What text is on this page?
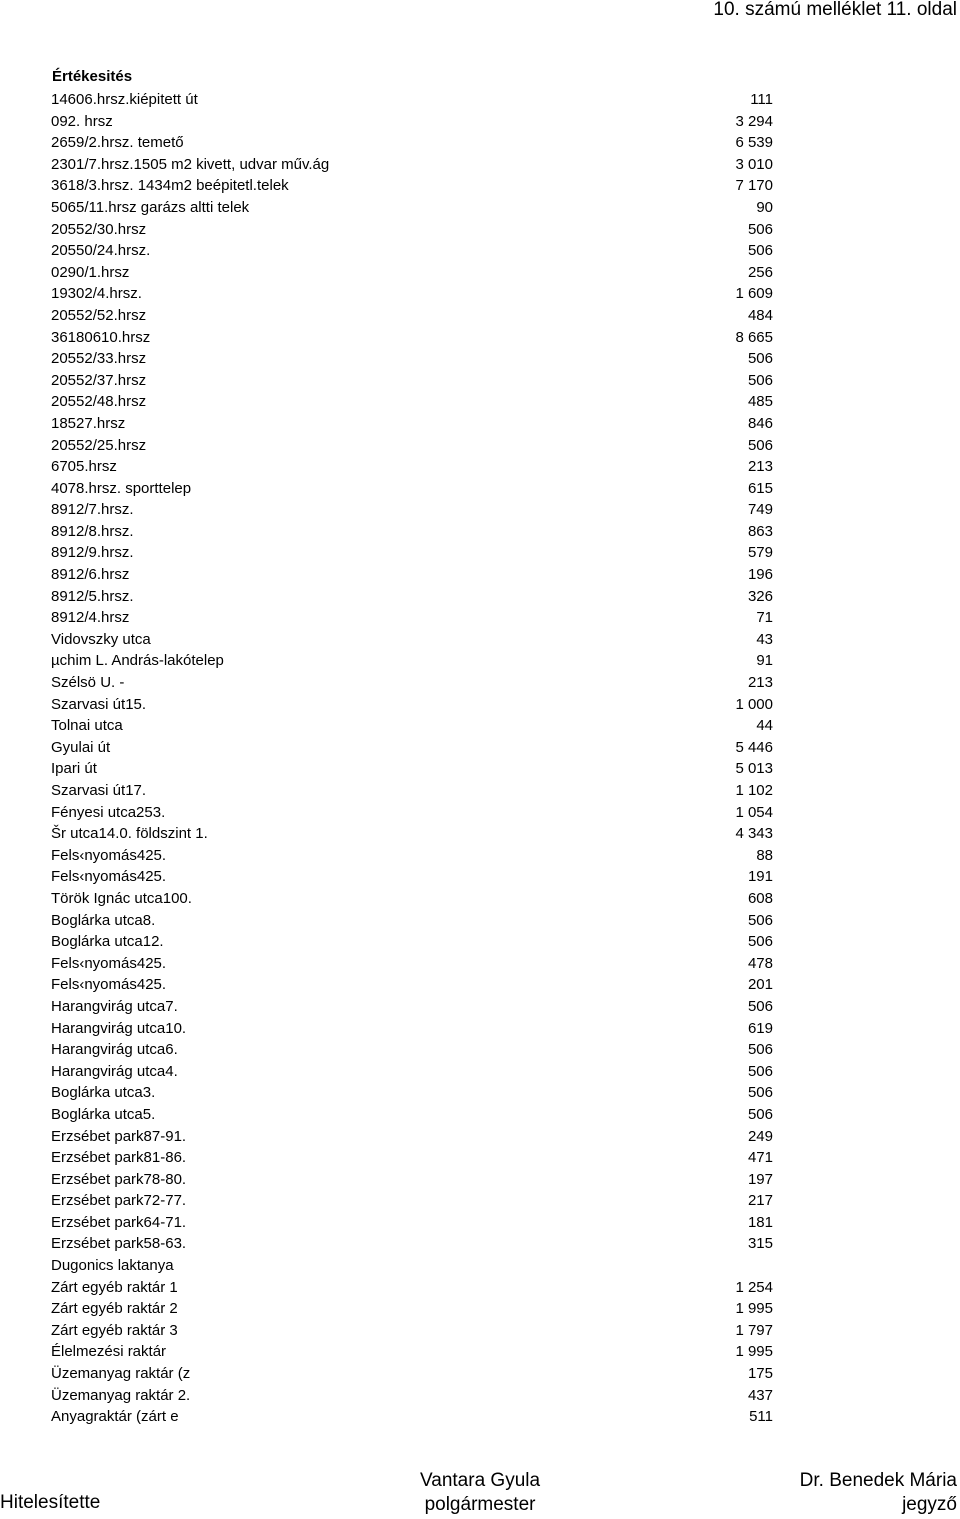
10. számú melléklet 11. oldal
Értékesités
14606.hrsz.kiépitett út	111
092. hrsz	3 294
2659/2.hrsz. temető	6 539
2301/7.hrsz.1505 m2 kivett, udvar műv.ág	3 010
3618/3.hrsz. 1434m2 beépitetl.telek	7 170
5065/11.hrsz garázs altti telek	90
20552/30.hrsz	506
20550/24.hrsz.	506
0290/1.hrsz	256
19302/4.hrsz.	1 609
20552/52.hrsz	484
36180610.hrsz	8 665
20552/33.hrsz	506
20552/37.hrsz	506
20552/48.hrsz	485
18527.hrsz	846
20552/25.hrsz	506
6705.hrsz	213
4078.hrsz. sporttelep	615
8912/7.hrsz.	749
8912/8.hrsz.	863
8912/9.hrsz.	579
8912/6.hrsz	196
8912/5.hrsz.	326
8912/4.hrsz	71
Vidovszky utca	43
µchim L. András-lakótelep	91
Szélsö U. -	213
Szarvasi út15.	1 000
Tolnai utca	44
Gyulai út	5 446
Ipari út	5 013
Szarvasi út17.	1 102
Fényesi utca253.	1 054
Šr utca14.0. földszint 1.	4 343
Fels‹nyomás425.	88
Fels‹nyomás425.	191
Török Ignác utca100.	608
Boglárka utca8.	506
Boglárka utca12.	506
Fels‹nyomás425.	478
Fels‹nyomás425.	201
Harangvirág utca7.	506
Harangvirág utca10.	619
Harangvirág utca6.	506
Harangvirág utca4.	506
Boglárka utca3.	506
Boglárka utca5.	506
Erzsébet park87-91.	249
Erzsébet park81-86.	471
Erzsébet park78-80.	197
Erzsébet park72-77.	217
Erzsébet park64-71.	181
Erzsébet park58-63.	315
Dugonics laktanya
Zárt egyéb raktár 1	1 254
Zárt egyéb raktár 2	1 995
Zárt egyéb raktár 3	1 797
Élelmezési raktár	1 995
Üzemanyag raktár (z	175
Üzemanyag raktár 2.	437
Anyagraktár (zárt e	511
Hitelesítette
Vantara Gyula
polgármester
Dr. Benedek Mária
jegyző
